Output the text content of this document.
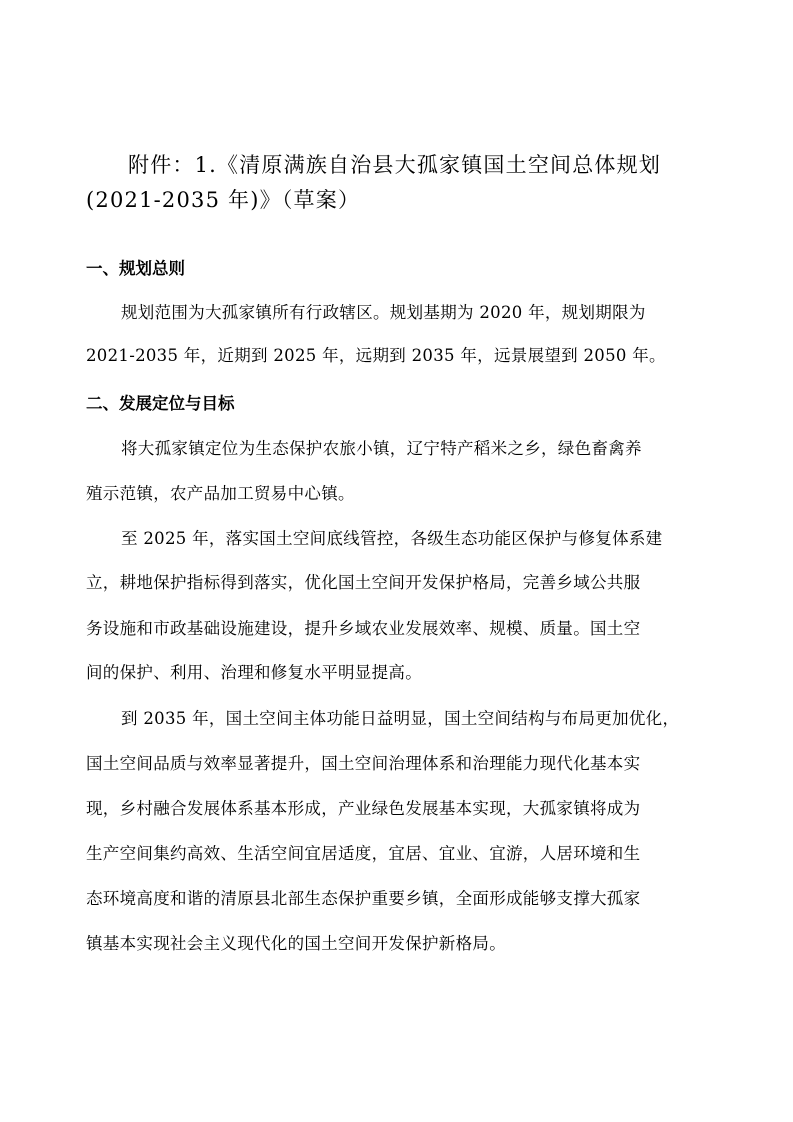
附件：1.《清原满族自治县大孤家镇国土空间总体规划
(2021-2035 年)》（草案）
一、规划总则
规划范围为大孤家镇所有行政辖区。规划基期为 2020 年，规划期限为
2021-2035 年，近期到 2025 年，远期到 2035 年，远景展望到 2050 年。
二、发展定位与目标
将大孤家镇定位为生态保护农旅小镇，辽宁特产稻米之乡，绿色畜禽养
殖示范镇，农产品加工贸易中心镇。
至 2025 年，落实国土空间底线管控，各级生态功能区保护与修复体系建
立，耕地保护指标得到落实，优化国土空间开发保护格局，完善乡域公共服
务设施和市政基础设施建设，提升乡域农业发展效率、规模、质量。国土空
间的保护、利用、治理和修复水平明显提高。
到 2035 年，国土空间主体功能日益明显，国土空间结构与布局更加优化，
国土空间品质与效率显著提升，国土空间治理体系和治理能力现代化基本实
现，乡村融合发展体系基本形成，产业绿色发展基本实现，大孤家镇将成为
生产空间集约高效、生活空间宜居适度，宜居、宜业、宜游，人居环境和生
态环境高度和谐的清原县北部生态保护重要乡镇，全面形成能够支撑大孤家
镇基本实现社会主义现代化的国土空间开发保护新格局。
